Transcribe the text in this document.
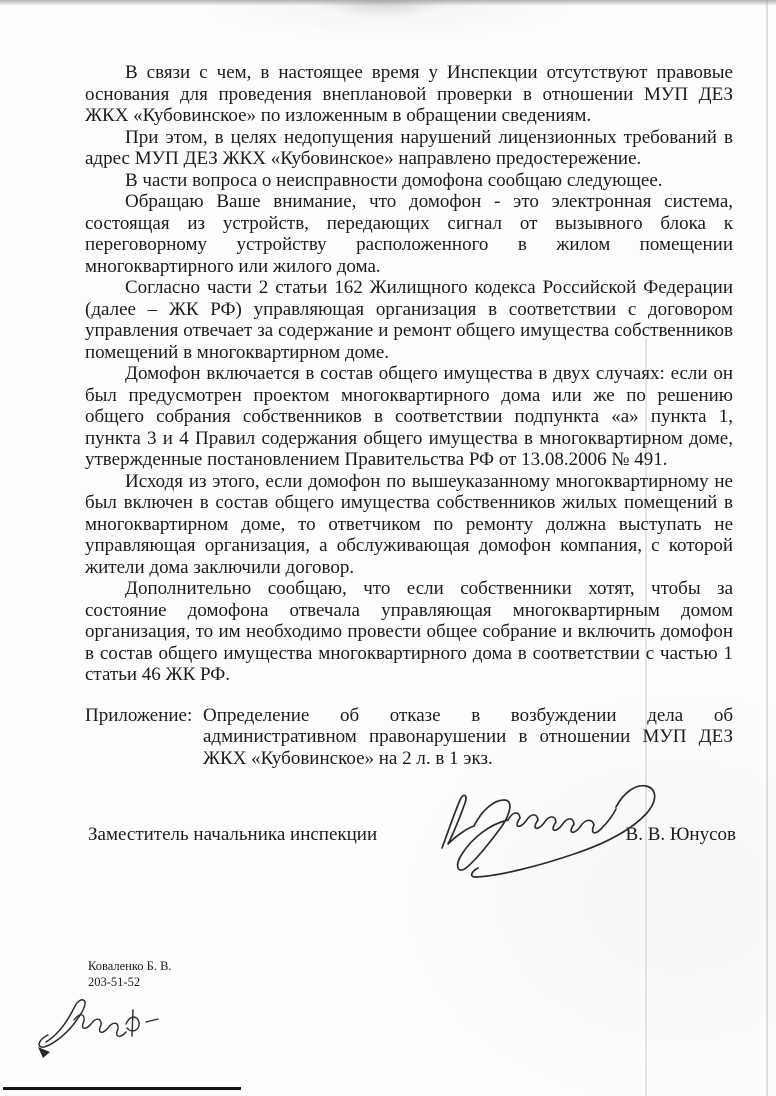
В связи с чем, в настоящее время у Инспекции отсутствуют правовые основания для проведения внеплановой проверки в отношении МУП ДЕЗ ЖКХ «Кубовинское» по изложенным в обращении сведениям.

При этом, в целях недопущения нарушений лицензионных требований в адрес МУП ДЕЗ ЖКХ «Кубовинское» направлено предостережение.

В части вопроса о неисправности домофона сообщаю следующее.

Обращаю Ваше внимание, что домофон - это электронная система, состоящая из устройств, передающих сигнал от вызывного блока к переговорному устройству расположенного в жилом помещении многоквартирного или жилого дома.

Согласно части 2 статьи 162 Жилищного кодекса Российской Федерации (далее – ЖК РФ) управляющая организация в соответствии с договором управления отвечает за содержание и ремонт общего имущества собственников помещений в многоквартирном доме.

Домофон включается в состав общего имущества в двух случаях: если он был предусмотрен проектом многоквартирного дома или же по решению общего собрания собственников в соответствии подпункта «а» пункта 1, пункта 3 и 4 Правил содержания общего имущества в многоквартирном доме, утвержденные постановлением Правительства РФ от 13.08.2006 № 491.

Исходя из этого, если домофон по вышеуказанному многоквартирному не был включен в состав общего имущества собственников жилых помещений в многоквартирном доме, то ответчиком по ремонту должна выступать не управляющая организация, а обслуживающая домофон компания, с которой жители дома заключили договор.

Дополнительно сообщаю, что если собственники хотят, чтобы за состояние домофона отвечала управляющая многоквартирным домом организация, то им необходимо провести общее собрание и включить домофон в состав общего имущества многоквартирного дома в соответствии с частью 1 статьи 46 ЖК РФ.

Приложение: Определение об отказе в возбуждении дела об административном правонарушении в отношении МУП ДЕЗ ЖКХ «Кубовинское» на 2 л. в 1 экз.
Заместитель начальника инспекции	В. В. Юнусов
Коваленко Б. В.
203-51-52
